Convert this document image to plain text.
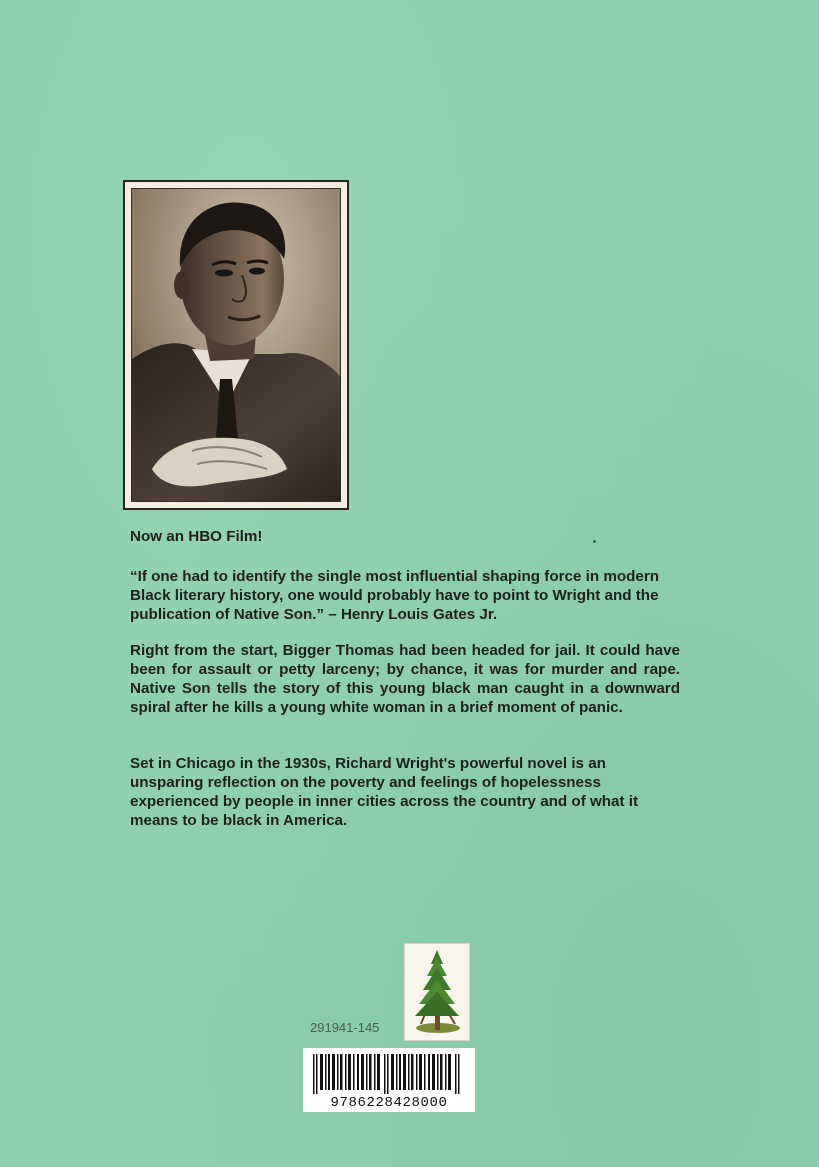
Now an HBO Film!
“If one had to identify the single most influential shaping force in modern Black literary history, one would probably have to point to Wright and the publication of Native Son.” – Henry Louis Gates Jr.
Right from the start, Bigger Thomas had been headed for jail. It could have been for assault or petty larceny; by chance, it was for murder and rape. Native Son tells the story of this young black man caught in a downward spiral after he kills a young white woman in a brief moment of panic.
Set in Chicago in the 1930s, Richard Wright's powerful novel is an unsparing reflection on the poverty and feelings of hopelessness experienced by people in inner cities across the country and of what it means to be black in America.
291941-145
9786228428000
